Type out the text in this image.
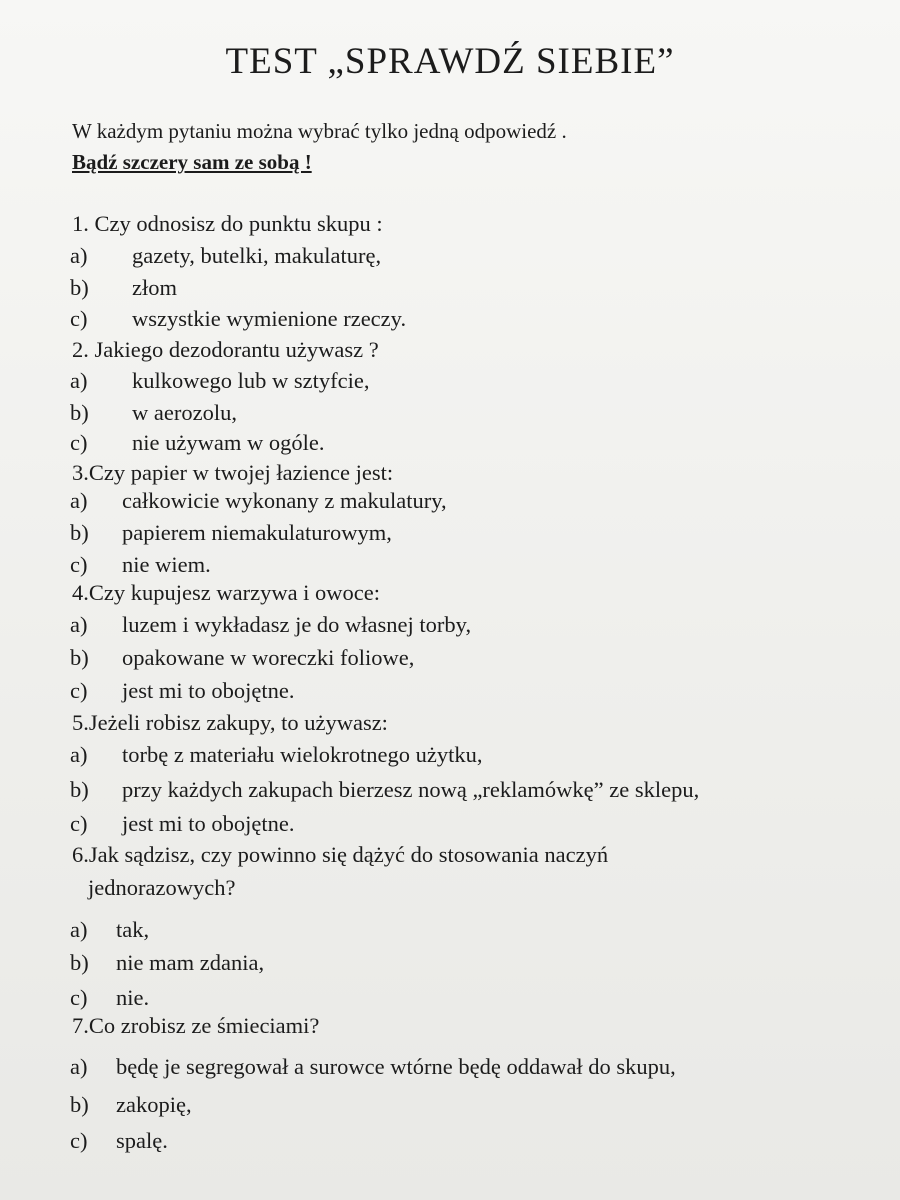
TEST „SPRAWDŹ SIEBIE”
W każdym pytaniu można wybrać tylko jedną odpowiedź .
Bądź szczery sam ze sobą !
1. Czy odnosisz do punktu skupu :
a) gazety, butelki, makulaturę,
b) złom
c) wszystkie wymienione rzeczy.
2. Jakiego dezodorantu używasz ?
a) kulkowego lub w sztyfcie,
b) w aerozolu,
c) nie używam w ogóle.
3.Czy papier w twojej łazience jest:
a) całkowicie wykonany z makulatury,
b) papierem niemakulaturowym,
c) nie wiem.
4.Czy kupujesz warzywa i owoce:
a) luzem i wykładasz je do własnej torby,
b) opakowane w woreczki foliowe,
c) jest mi to obojętne.
5.Jeżeli robisz zakupy, to używasz:
a) torbę z materiału wielokrotnego użytku,
b) przy każdych zakupach bierzesz nową „reklamówkę” ze sklepu,
c) jest mi to obojętne.
6.Jak sądzisz, czy powinno się dążyć do stosowania naczyń
jednorazowych?
a) tak,
b) nie mam zdania,
c) nie.
7.Co zrobisz ze śmieciami?
a) będę je segregował a surowce wtórne będę oddawał do skupu,
b) zakopię,
c) spalę.
